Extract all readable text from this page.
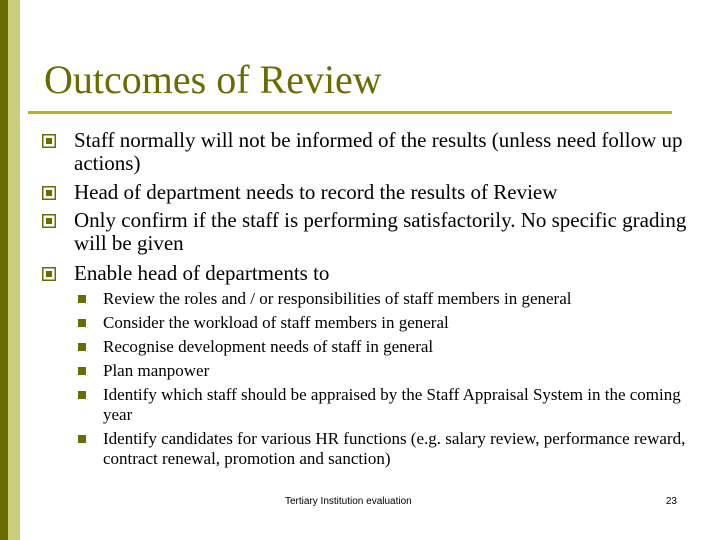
Outcomes of Review
Staff normally will not be informed of the results (unless need follow up actions)
Head of department needs to record the results of Review
Only confirm if the staff is performing satisfactorily. No specific grading will be given
Enable head of departments to
Review the roles and / or responsibilities of staff members in general
Consider the workload of staff members in general
Recognise development needs of staff in general
Plan manpower
Identify which staff should be appraised by the Staff Appraisal System in the coming year
Identify candidates for various HR functions (e.g. salary review, performance reward, contract renewal, promotion and sanction)
Tertiary Institution evaluation	23
